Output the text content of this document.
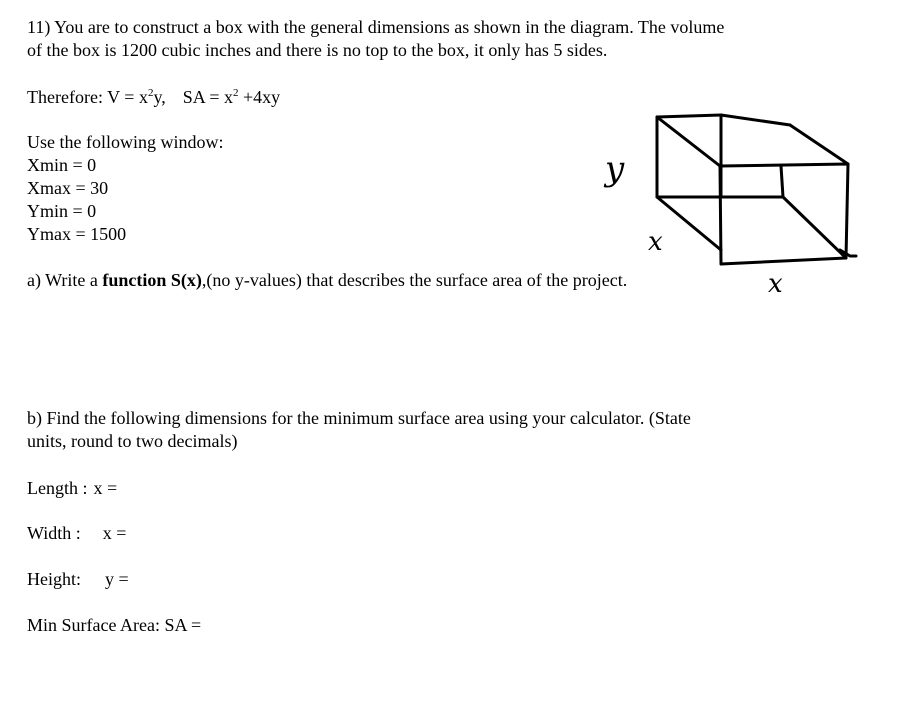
11) You are to construct a box with the general dimensions as shown in the diagram. The volume
of the box is 1200 cubic inches and there is no top to the box, it only has 5 sides.
Therefore: $V = x^2y$, SA = $x^2 +4xy$
Use the following window:
Xmin = 0
Xmax = 30
Ymin = 0
Ymax = 1500
a) Write a function S(x),(no y-values) that describes the surface area of the project.
b) Find the following dimensions for the minimum surface area using your calculator. (State
units, round to two decimals)
Length : x =
Width : x =
Height: y =
Min Surface Area: SA =
y
x
x
